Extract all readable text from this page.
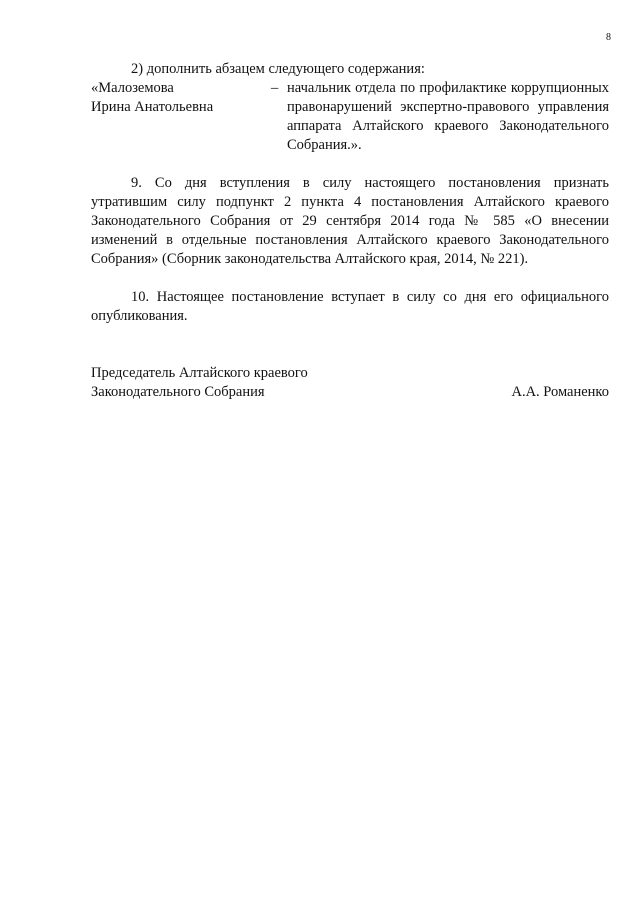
8

2) дополнить абзацем следующего содержания:

«Малоземова
Ирина Анатольевна
– начальник отдела по профилактике коррупционных правонарушений экспертно-правового управления аппарата Алтайского краевого Законодательного Собрания.».

9. Со дня вступления в силу настоящего постановления признать утратившим силу подпункт 2 пункта 4 постановления Алтайского краевого Законодательного Собрания от 29 сентября 2014 года № 585 «О внесении изменений в отдельные постановления Алтайского краевого Законодательного Собрания» (Сборник законодательства Алтайского края, 2014, № 221).

10. Настоящее постановление вступает в силу со дня его официального опубликования.

Председатель Алтайского краевого
Законодательного Собрания	А.А. Романенко
